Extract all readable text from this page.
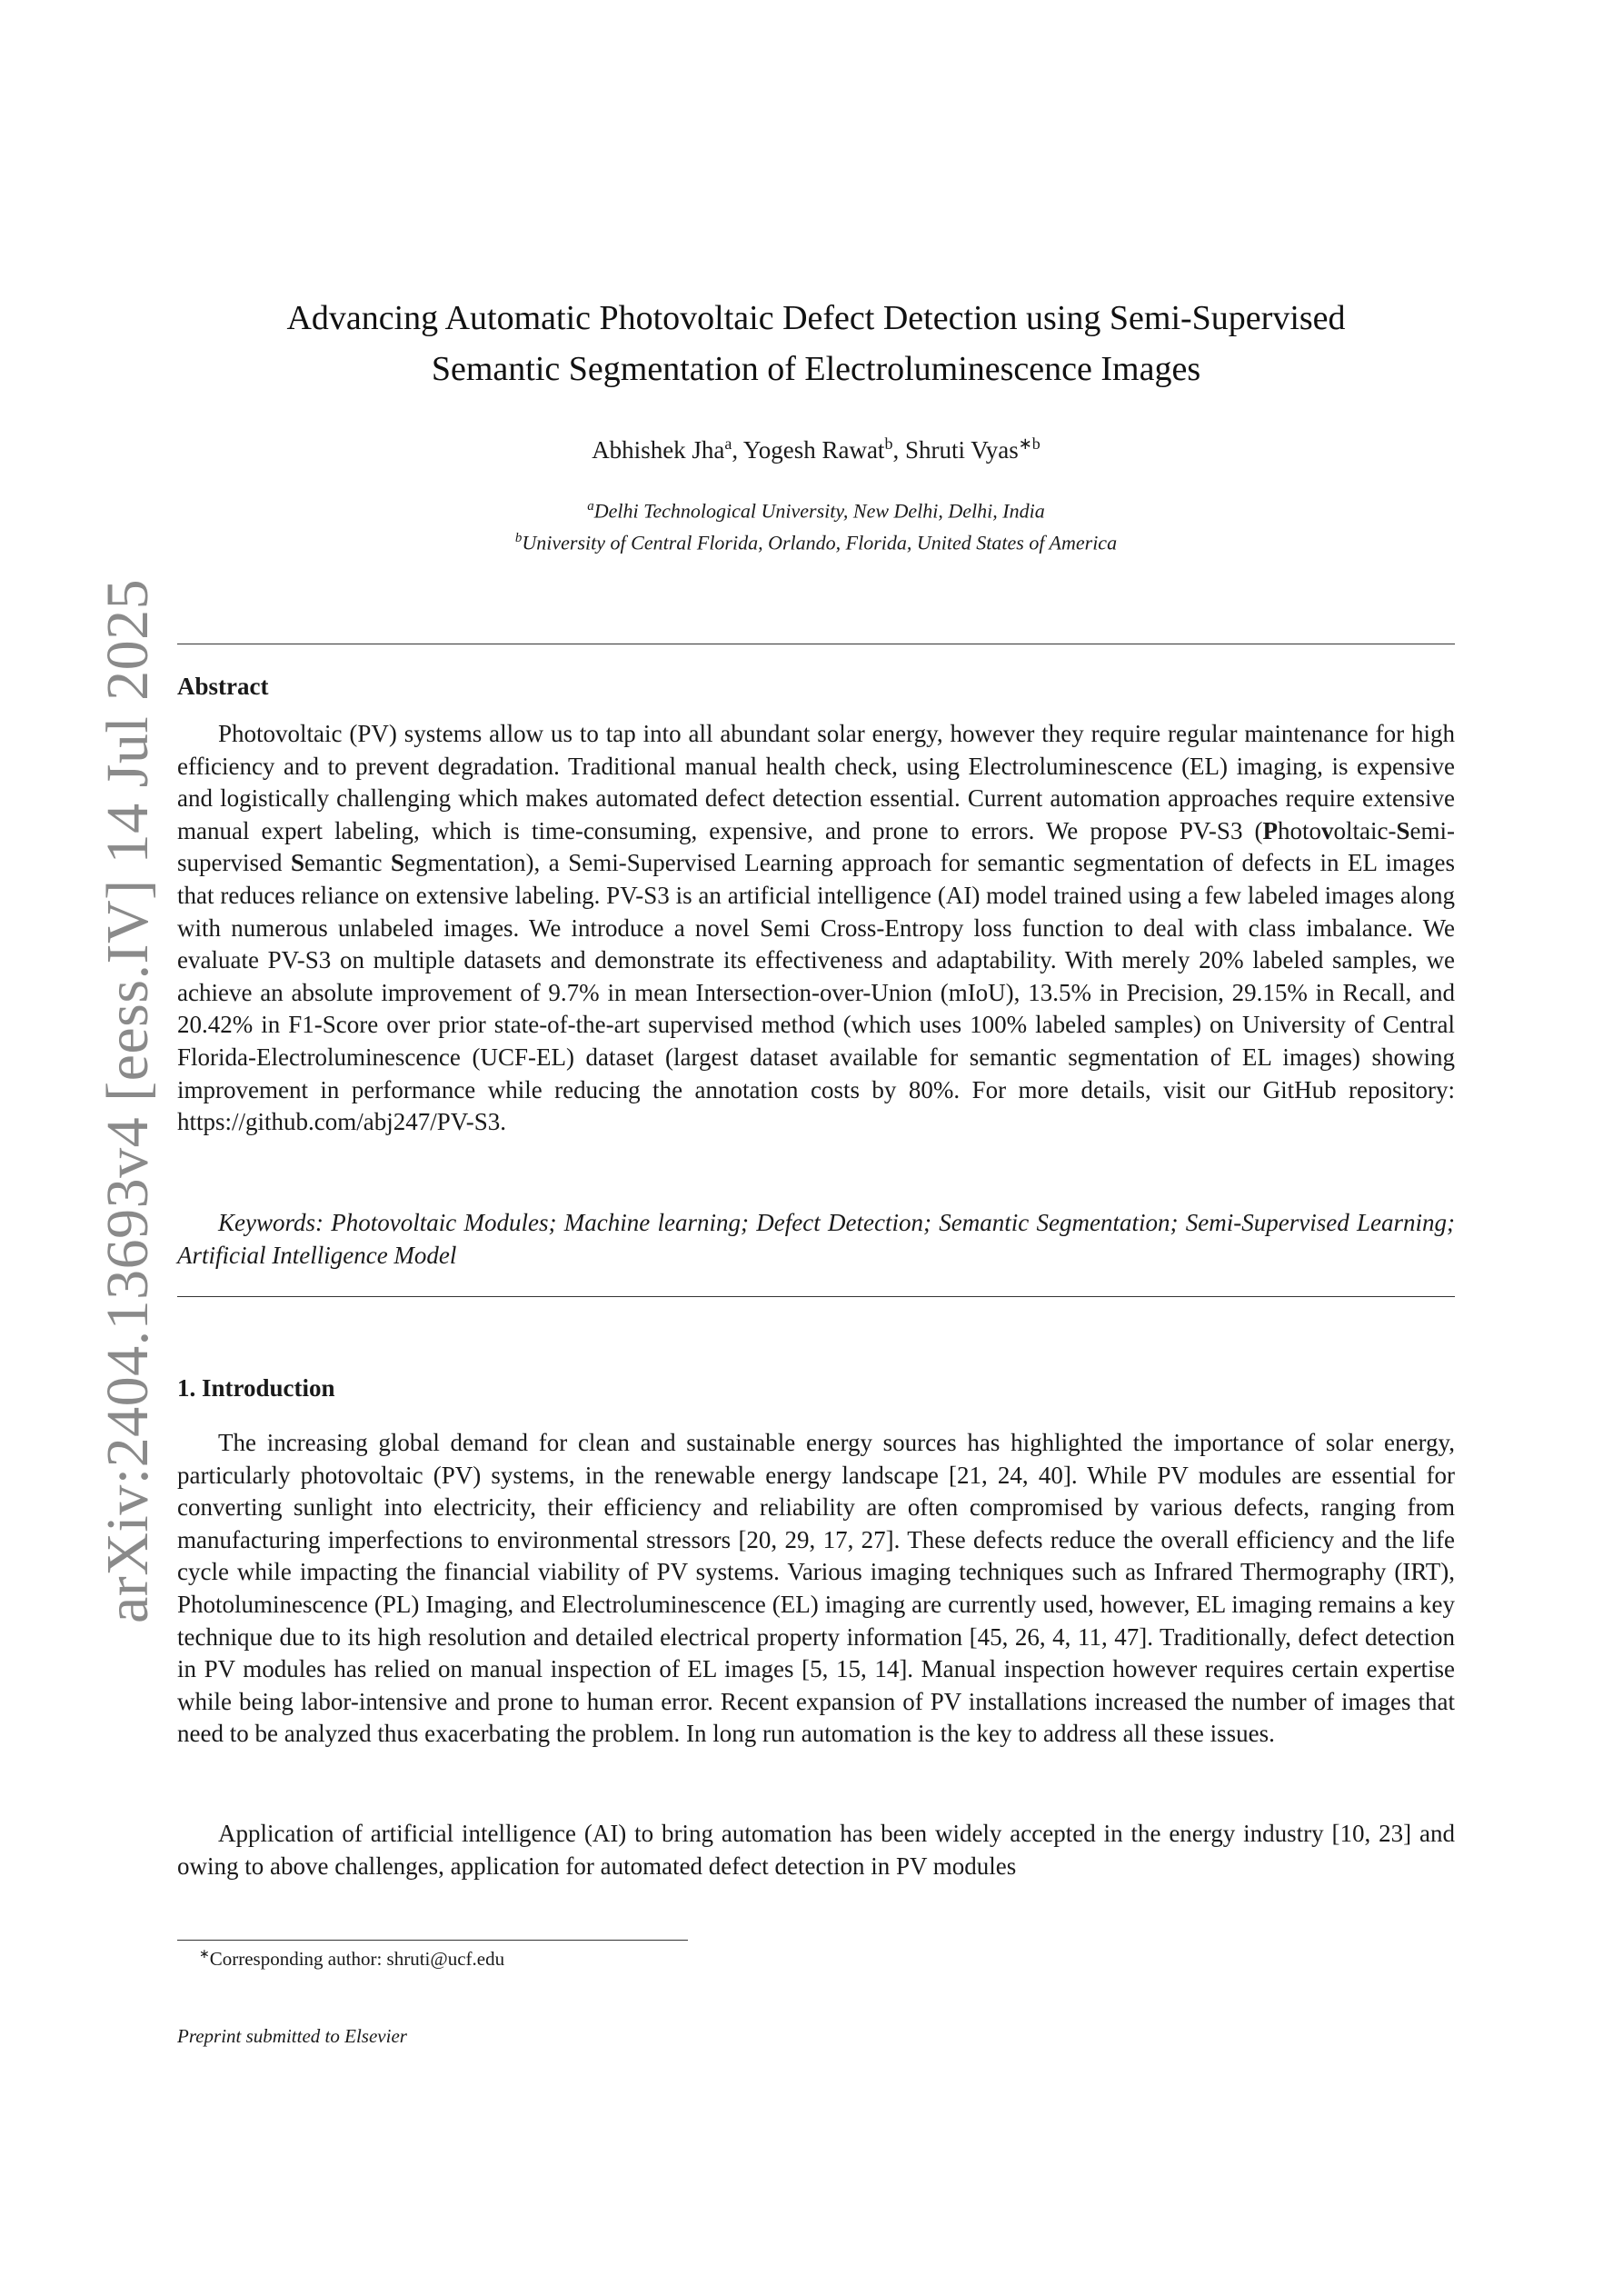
arXiv:2404.13693v4 [eess.IV] 14 Jul 2025
Advancing Automatic Photovoltaic Defect Detection using Semi-Supervised
Semantic Segmentation of Electroluminescence Images
Abhishek Jha$^a$, Yogesh Rawat$^b$, Shruti Vyas$^{∗b}$
$^a$Delhi Technological University, New Delhi, Delhi, India
$^b$University of Central Florida, Orlando, Florida, United States of America
Abstract

Photovoltaic (PV) systems allow us to tap into all abundant solar energy, however they require regular maintenance for high efficiency and to prevent degradation. Traditional manual health check, using Electroluminescence (EL) imaging, is expensive and logistically challenging which makes automated defect detection essential. Current automation approaches require extensive manual expert labeling, which is time-consuming, expensive, and prone to errors. We propose PV-S3 (Photovoltaic-Semi-supervised Semantic Segmentation), a Semi-Supervised Learning approach for semantic segmentation of defects in EL images that reduces reliance on extensive labeling. PV-S3 is an artificial intelligence (AI) model trained using a few labeled images along with numerous unlabeled images. We introduce a novel Semi Cross-Entropy loss function to deal with class imbalance. We evaluate PV-S3 on multiple datasets and demonstrate its effectiveness and adaptability. With merely 20% labeled samples, we achieve an absolute improvement of 9.7% in mean Intersection-over-Union (mIoU), 13.5% in Precision, 29.15% in Recall, and 20.42% in F1-Score over prior state-of-the-art supervised method (which uses 100% labeled samples) on University of Central Florida-Electroluminescence (UCF-EL) dataset (largest dataset available for semantic segmentation of EL images) showing improvement in performance while reducing the annotation costs by 80%. For more details, visit our GitHub repository: https://github.com/abj247/PV-S3.

Keywords: Photovoltaic Modules; Machine learning; Defect Detection; Semantic Segmentation; Semi-Supervised Learning; Artificial Intelligence Model

1. Introduction

The increasing global demand for clean and sustainable energy sources has highlighted the importance of solar energy, particularly photovoltaic (PV) systems, in the renewable energy landscape [21, 24, 40]. While PV modules are essential for converting sunlight into electricity, their efficiency and reliability are often compromised by various defects, ranging from manufacturing imperfections to environmental stressors [20, 29, 17, 27]. These defects reduce the overall efficiency and the life cycle while impacting the financial viability of PV systems. Various imaging techniques such as Infrared Thermography (IRT), Photoluminescence (PL) Imaging, and Electroluminescence (EL) imaging are currently used, however, EL imaging remains a key technique due to its high resolution and detailed electrical property information [45, 26, 4, 11, 47]. Traditionally, defect detection in PV modules has relied on manual inspection of EL images [5, 15, 14]. Manual inspection however requires certain expertise while being labor-intensive and prone to human error. Recent expansion of PV installations increased the number of images that need to be analyzed thus exacerbating the problem. In long run automation is the key to address all these issues.

Application of artificial intelligence (AI) to bring automation has been widely accepted in the energy industry [10, 23] and owing to above challenges, application for automated defect detection in PV modules

∗Corresponding author: shruti@ucf.edu
Preprint submitted to Elsevier
